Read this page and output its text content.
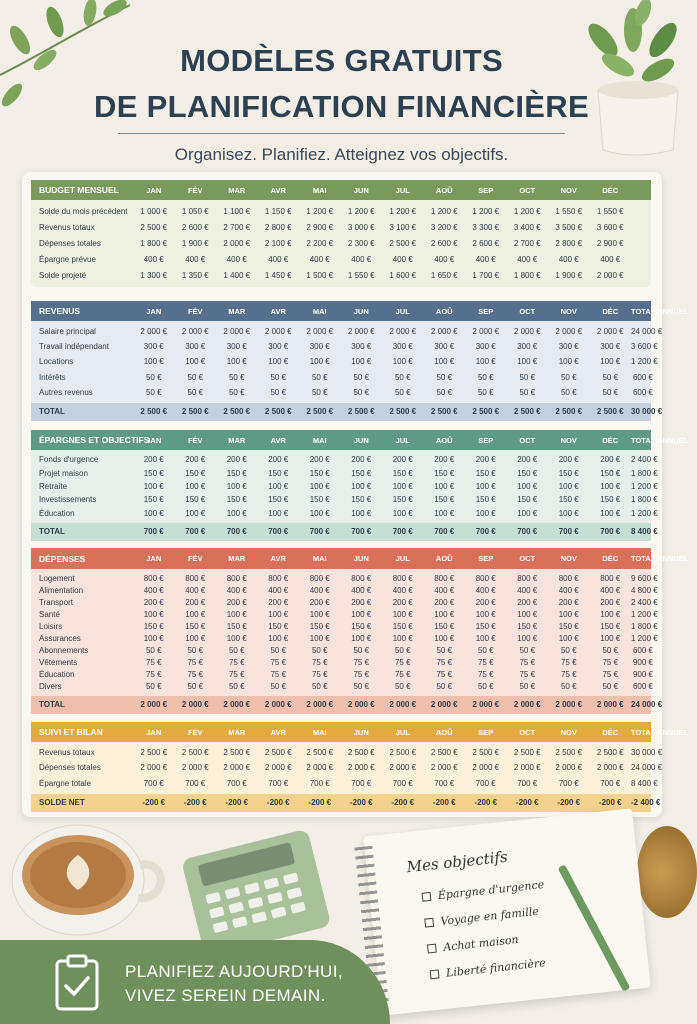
MODÈLES GRATUITS
DE PLANIFICATION FINANCIÈRE
Organisez. Planifiez. Atteignez vos objectifs.
BUDGET MENSUEL	JAN	FÉV	MAR	AVR	MAI	JUN	JUL	AOÛ	SEP	OCT	NOV	DÉC
Solde du mois précédent	1 000 €	1 050 €	1 100 €	1 150 €	1 200 €	1 200 €	1 200 €	1 200 €	1 200 €	1 200 €	1 550 €	1 550 €
Revenus totaux	2 500 €	2 600 €	2 700 €	2 800 €	2 900 €	3 000 €	3 100 €	3 200 €	3 300 €	3 400 €	3 500 €	3 600 €
Dépenses totales	1 800 €	1 900 €	2 000 €	2 100 €	2 200 €	2 300 €	2 500 €	2 600 €	2 600 €	2 700 €	2 800 €	2 900 €
Épargne prévue	400 €	400 €	400 €	400 €	400 €	400 €	400 €	400 €	400 €	400 €	400 €	400 €
Solde projeté	1 300 €	1 350 €	1 400 €	1 450 €	1 500 €	1 550 €	1 600 €	1 650 €	1 700 €	1 800 €	1 900 €	2 000 €
REVENUS	JAN	FÉV	MAR	AVR	MAI	JUN	JUL	AOÛ	SEP	OCT	NOV	DÉC	TOTAL ANNUEL
Salaire principal	2 000 €	2 000 €	2 000 €	2 000 €	2 000 €	2 000 €	2 000 €	2 000 €	2 000 €	2 000 €	2 000 €	2 000 € 24 000 €
Travail indépendant	300 €	300 €	300 €	300 €	300 €	300 €	300 €	300 €	300 €	300 €	300 €	300 €	3 600 €
Locations	100 €	100 €	100 €	100 €	100 €	100 €	100 €	100 €	100 €	100 €	100 €	100 €	1 200 €
Intérêts	50 €	50 €	50 €	50 €	50 €	50 €	50 €	50 €	50 €	50 €	50 €	50 €	600 €
Autres revenus	50 €	50 €	50 €	50 €	50 €	50 €	50 €	50 €	50 €	50 €	50 €	50 €	600 €
TOTAL	2 500 €	2 500 €	2 500 €	2 500 €	2 500 €	2 500 €	2 500 €	2 500 €	2 500 €	2 500 €	2 500 €	2 500 € 30 000 €
ÉPARGNES ET OBJECTIFS
JAN	FÉV	MAR	AVR	MAI	JUN	JUL	AOÛ	SEP	OCT	NOV	DÉC	TOTAL ANNUEL
Fonds d'urgence	200 €	200 €	200 €	200 €	200 €	200 €	200 €	200 €	200 €	200 €	200 €	200 €	2 400 €
Projet maison	150 €	150 €	150 €	150 €	150 €	150 €	150 €	150 €	150 €	150 €	150 €	150 €	1 800 €
Retraite	100 €	100 €	100 €	100 €	100 €	100 €	100 €	100 €	100 €	100 €	100 €	100 €	1 200 €
Investissements	150 €	150 €	150 €	150 €	150 €	150 €	150 €	150 €	150 €	150 €	150 €	150 €	1 800 €
Éducation	100 €	100 €	100 €	100 €	100 €	100 €	100 €	100 €	100 €	100 €	100 €	100 €	1 200 €
TOTAL	700 €	700 €	700 €	700 €	700 €	700 €	700 €	700 €	700 €	700 €	700 €	700 €	8 400 €
DÉPENSES	JAN	FÉV	MAR	AVR	MAI	JUN	JUL	AOÛ	SEP	OCT	NOV	DÉC	TOTAL ANNUEL
Logement	800 €	800 €	800 €	800 €	800 €	800 €	800 €	800 €	800 €	800 €	800 €	800 €	9 600 €
Alimentation	400 €	400 €	400 €	400 €	400 €	400 €	400 €	400 €	400 €	400 €	400 €	400 €	4 800 €
Transport	200 €	200 €	200 €	200 €	200 €	200 €	200 €	200 €	200 €	200 €	200 €	200 €	2 400 €
Santé	100 €	100 €	100 €	100 €	100 €	100 €	100 €	100 €	100 €	100 €	100 €	100 €	1 200 €
Loisirs	150 €	150 €	150 €	150 €	150 €	150 €	150 €	150 €	150 €	150 €	150 €	150 €	1 800 €
Assurances	100 €	100 €	100 €	100 €	100 €	100 €	100 €	100 €	100 €	100 €	100 €	100 €	1 200 €
Abonnements	50 €	50 €	50 €	50 €	50 €	50 €	50 €	50 €	50 €	50 €	50 €	50 €	600 €
Vêtements	75 €	75 €	75 €	75 €	75 €	75 €	75 €	75 €	75 €	75 €	75 €	75 €	900 €
Éducation	75 €	75 €	75 €	75 €	75 €	75 €	75 €	75 €	75 €	75 €	75 €	75 €	900 €
Divers	50 €	50 €	50 €	50 €	50 €	50 €	50 €	50 €	50 €	50 €	50 €	50 €	600 €
TOTAL	2 000 €	2 000 €	2 000 €	2 000 €	2 000 €	2 000 €	2 000 €	2 000 €	2 000 €	2 000 €	2 000 €	2 000 € 24 000 €
SUIVI ET BILAN	JAN	FÉV	MAR	AVR	MAI	JUN	JUL	AOÛ	SEP	OCT	NOV	DÉC	TOTAL ANNUEL
Revenus totaux	2 500 €	2 500 €	2 500 €	2 500 €	2 500 €	2 500 €	2 500 €	2 500 €	2 500 €	2 500 €	2 500 €	2 500 € 30 000 €
Dépenses totales	2 000 €	2 000 €	2 000 €	2 000 €	2 000 €	2 000 €	2 000 €	2 000 €	2 000 €	2 000 €	2 000 €	2 000 € 24 000 €
Épargne totale	700 €	700 €	700 €	700 €	700 €	700 €	700 €	700 €	700 €	700 €	700 €	700 €	8 400 €
SOLDE NET	-200 €	-200 €	-200 €	-200 €	-200 €	-200 €	-200 €	-200 €	-200 €	-200 €	-200 €	-200 €	-2 400 €
Mes objectifs
Épargne d'urgence
Voyage en famille
Achat maison
Liberté financière
PLANIFIEZ AUJOURD'HUI,
VIVEZ SEREIN DEMAIN.
